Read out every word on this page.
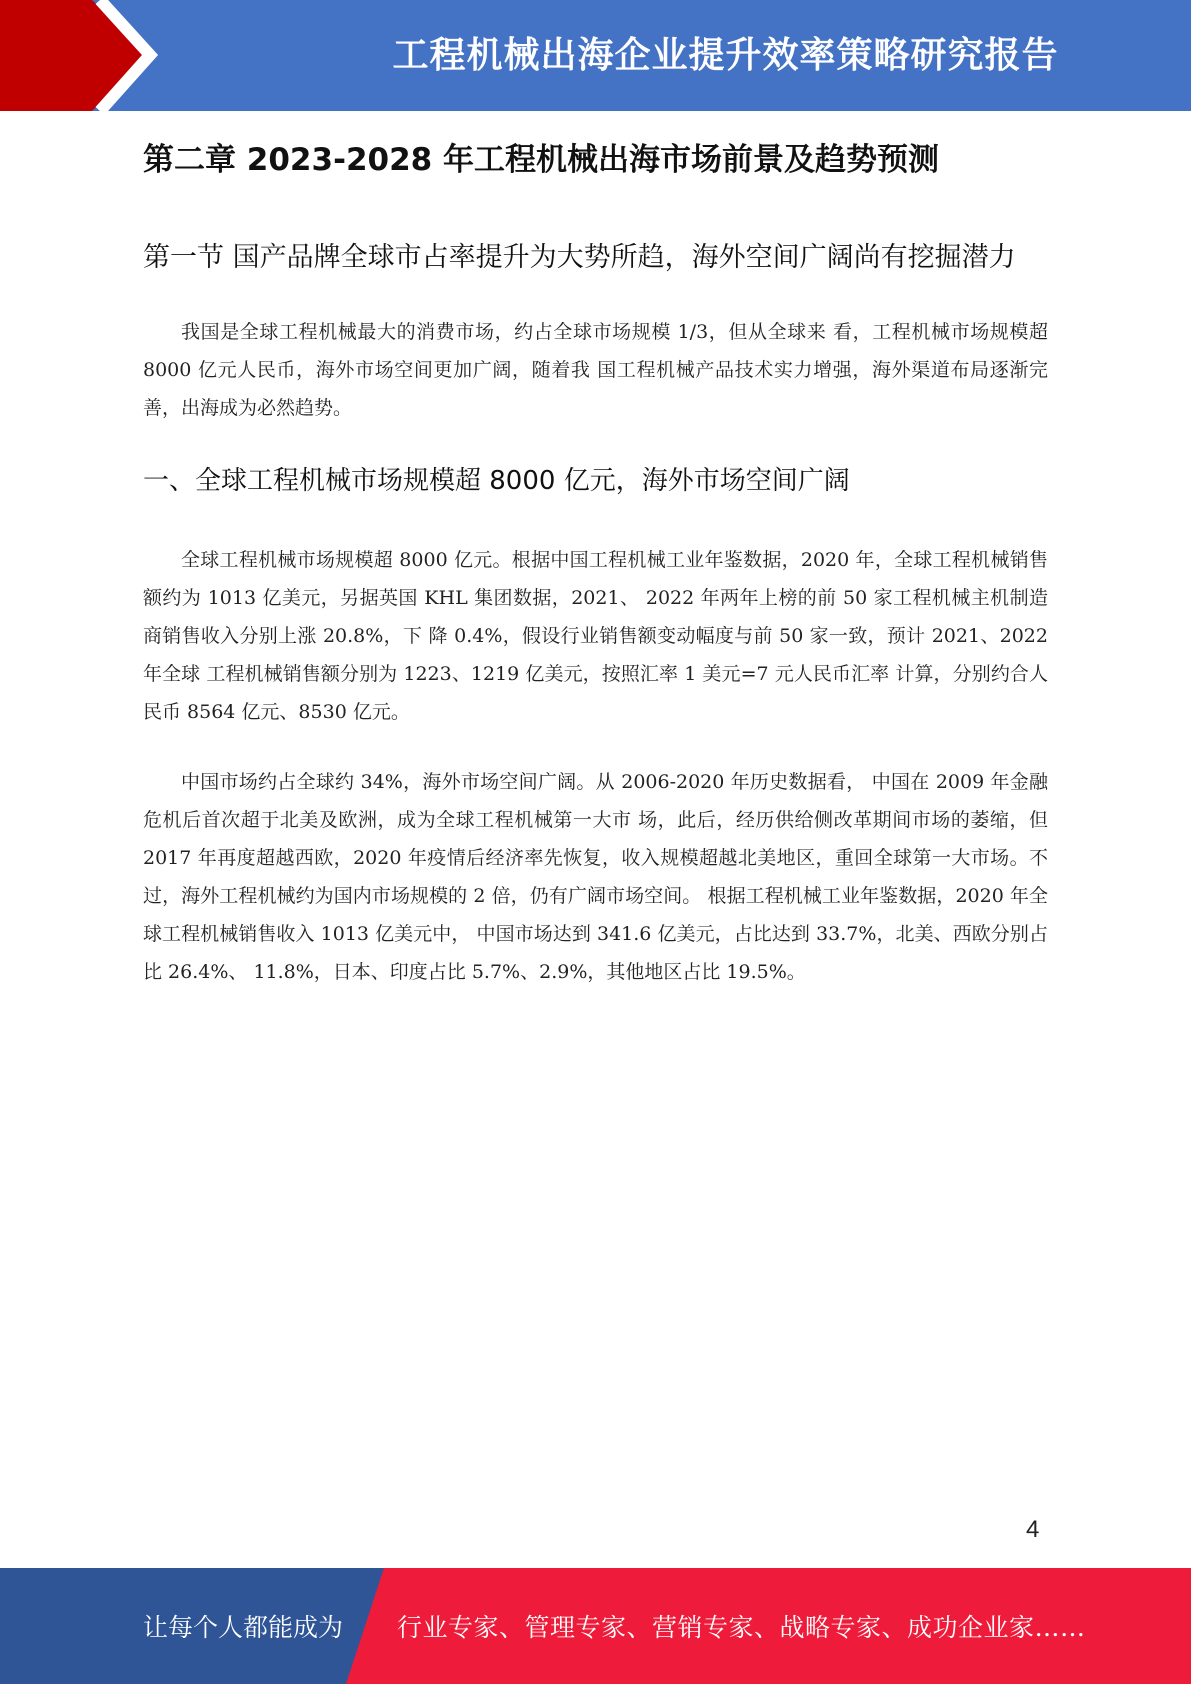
工程机械出海企业提升效率策略研究报告
第二章 2023-2028 年工程机械出海市场前景及趋势预测
第一节 国产品牌全球市占率提升为大势所趋，海外空间广阔尚有挖掘潜力

我国是全球工程机械最大的消费市场，约占全球市场规模 1/3，但从全球来 看，工程机械市场规模超 8000 亿元人民币，海外市场空间更加广阔，随着我 国工程机械产品技术实力增强，海外渠道布局逐渐完善，出海成为必然趋势。

一、全球工程机械市场规模超 8000 亿元，海外市场空间广阔

全球工程机械市场规模超 8000 亿元。根据中国工程机械工业年鉴数据，2020 年，全球工程机械销售额约为 1013 亿美元，另据英国 KHL 集团数据，2021、 2022 年两年上榜的前 50 家工程机械主机制造商销售收入分别上涨 20.8%，下 降 0.4%，假设行业销售额变动幅度与前 50 家一致，预计 2021、2022 年全球 工程机械销售额分别为 1223、1219 亿美元，按照汇率 1 美元=7 元人民币汇率 计算，分别约合人民币 8564 亿元、8530 亿元。

中国市场约占全球约 34%，海外市场空间广阔。从 2006-2020 年历史数据看， 中国在 2009 年金融危机后首次超于北美及欧洲，成为全球工程机械第一大市 场，此后，经历供给侧改革期间市场的萎缩，但 2017 年再度超越西欧，2020 年疫情后经济率先恢复，收入规模超越北美地区，重回全球第一大市场。不 过，海外工程机械约为国内市场规模的 2 倍，仍有广阔市场空间。 根据工程机械工业年鉴数据，2020 年全球工程机械销售收入 1013 亿美元中， 中国市场达到 341.6 亿美元，占比达到 33.7%，北美、西欧分别占比 26.4%、 11.8%，日本、印度占比 5.7%、2.9%，其他地区占比 19.5%。

4
让每个人都能成为 行业专家、管理专家、营销专家、战略专家、成功企业家……
